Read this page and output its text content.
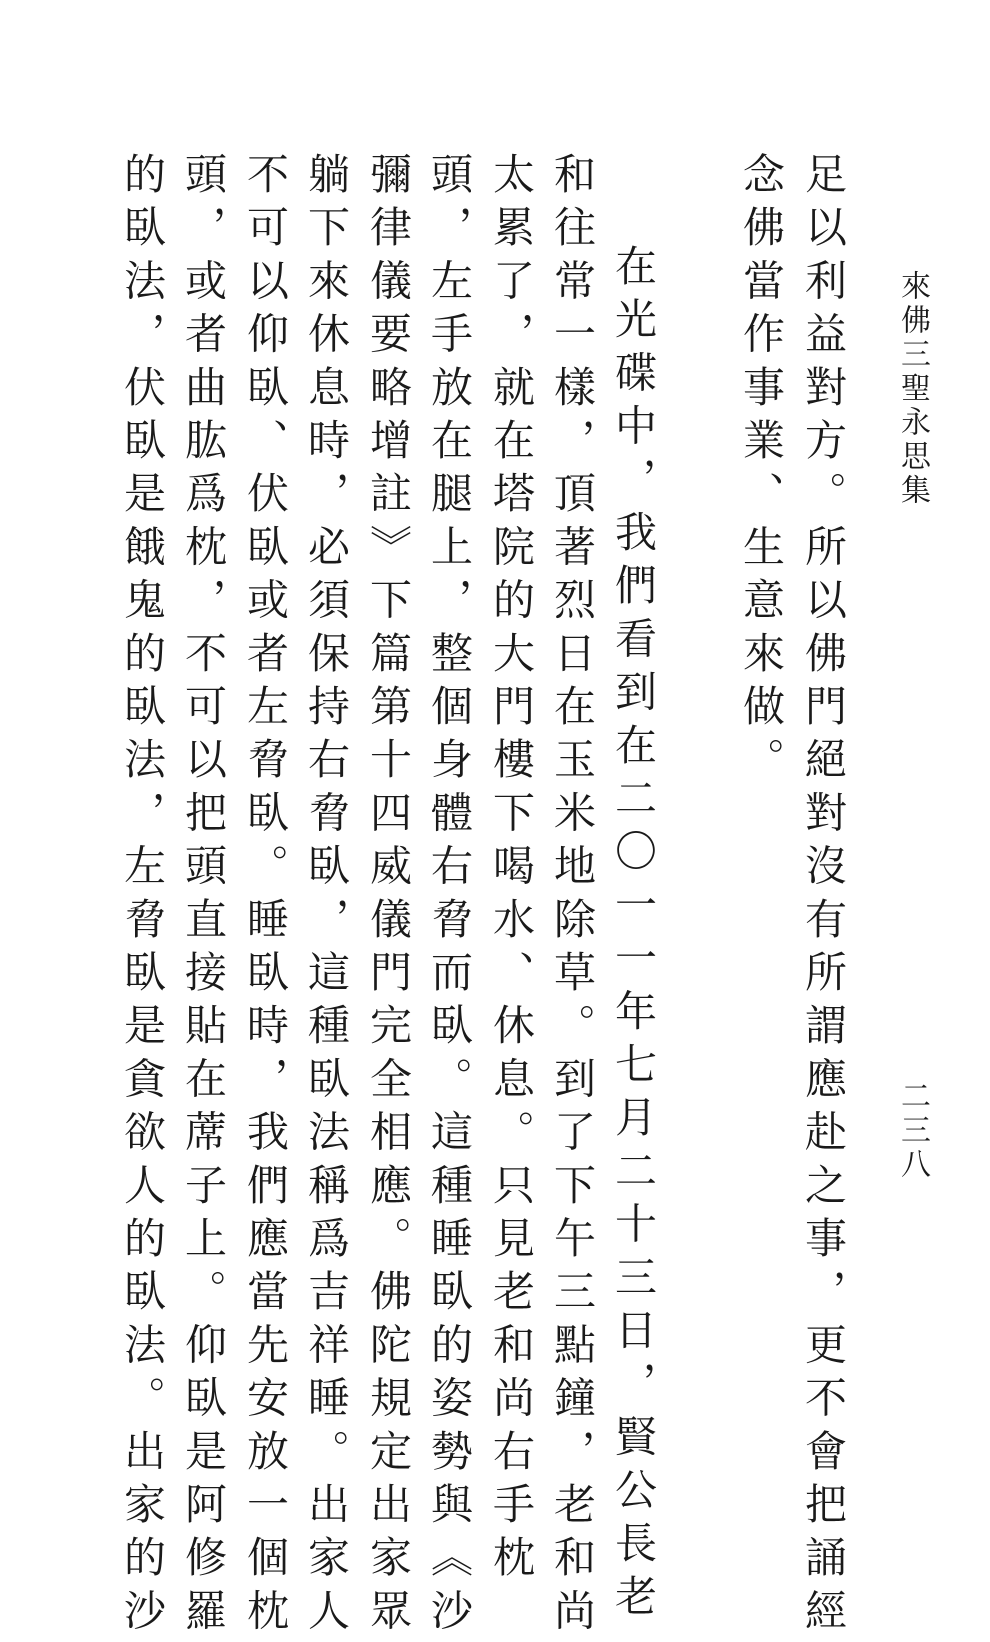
來佛三聖永思集
二三八
足以利益對方。所以佛門絕對沒有所謂應赴之事，更不會把誦經
念佛當作事業、生意來做。
在光碟中，我們看到在二〇一一年七月二十三日，賢公長老
和往常一樣，頂著烈日在玉米地除草。到了下午三點鐘，老和尚
太累了，就在塔院的大門樓下喝水、休息。只見老和尚右手枕
頭，左手放在腿上，整個身體右脅而臥。這種睡臥的姿勢與《沙
彌律儀要略增註》下篇第十四威儀門完全相應。佛陀規定出家眾
躺下來休息時，必須保持右脅臥，這種臥法稱爲吉祥睡。出家人
不可以仰臥、伏臥或者左脅臥。睡臥時，我們應當先安放一個枕
頭，或者曲肱爲枕，不可以把頭直接貼在蓆子上。仰臥是阿修羅
的臥法，伏臥是餓鬼的臥法，左脅臥是貪欲人的臥法。出家的沙
